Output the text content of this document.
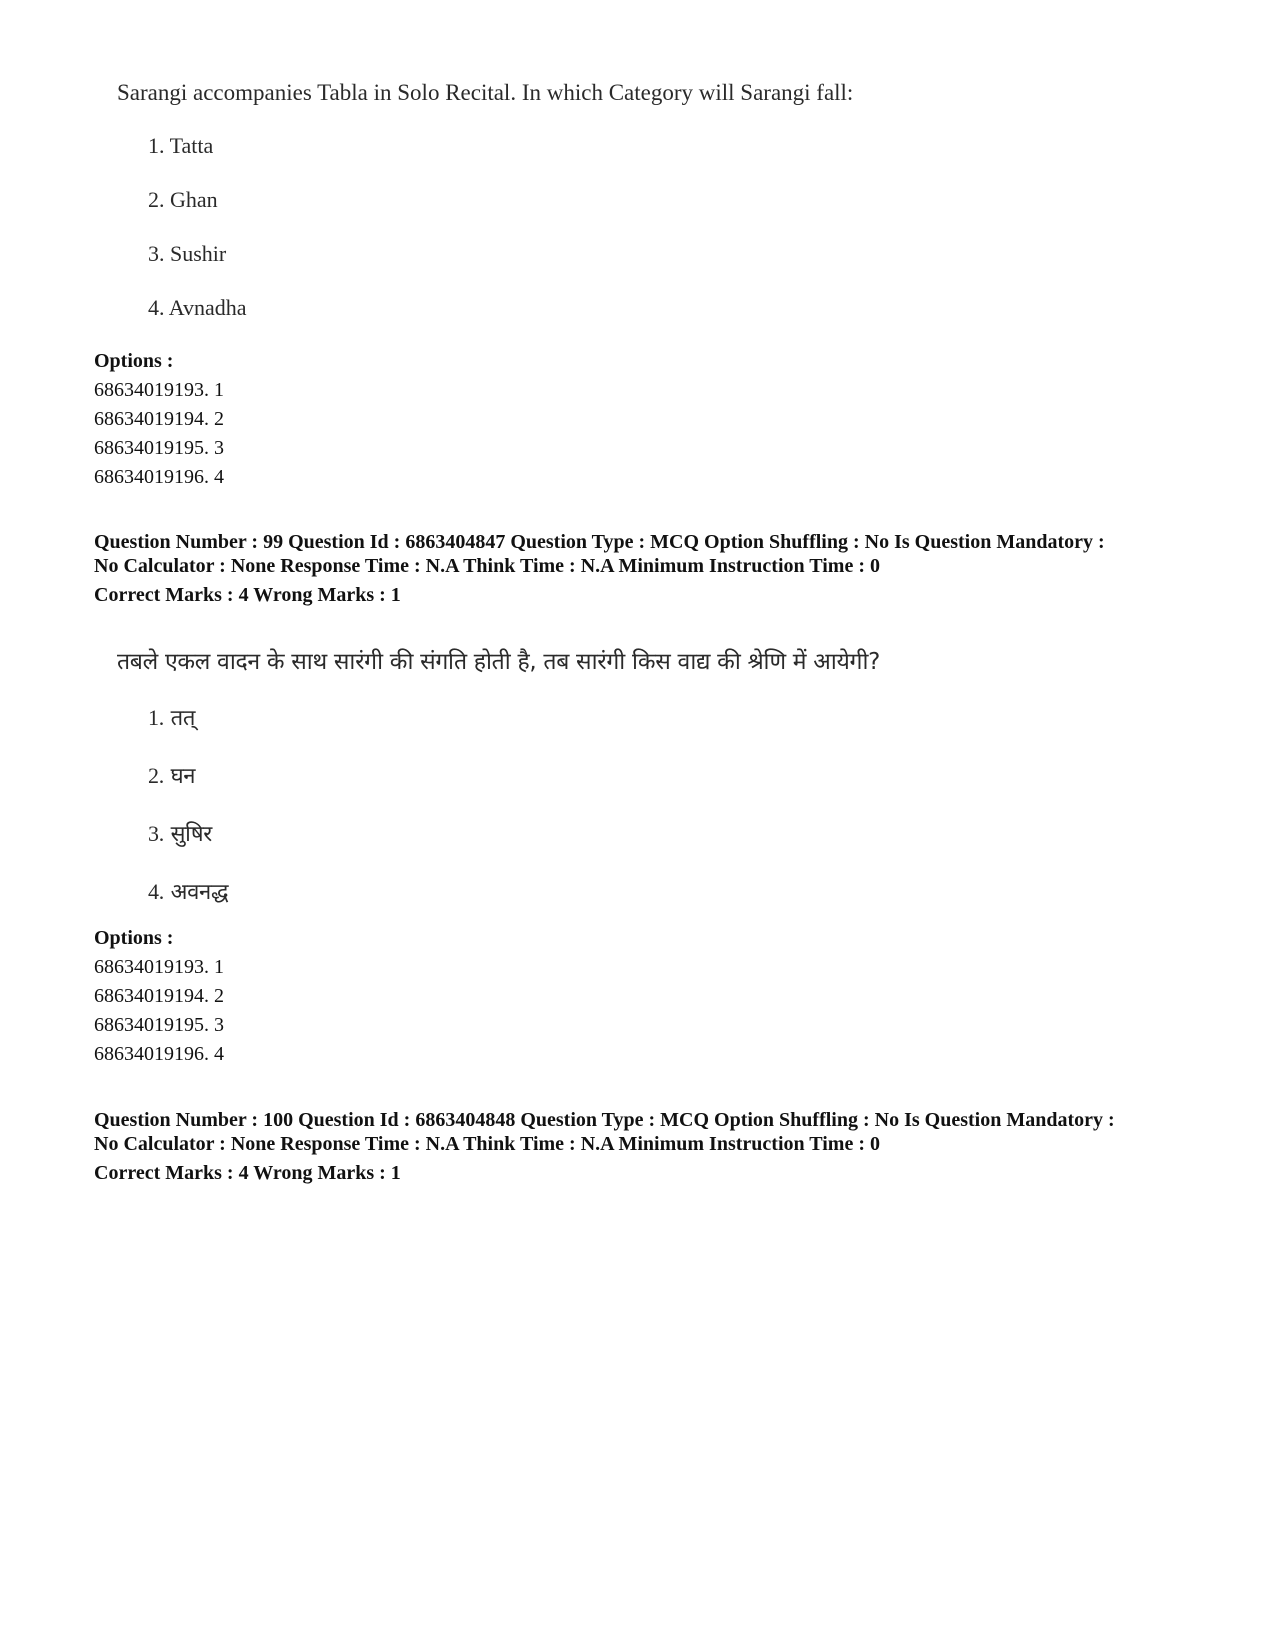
Sarangi accompanies Tabla in Solo Recital. In which Category will Sarangi fall:
1. Tatta
2. Ghan
3. Sushir
4. Avnadha
Options :
68634019193. 1
68634019194. 2
68634019195. 3
68634019196. 4
Question Number : 99 Question Id : 6863404847 Question Type : MCQ Option Shuffling : No Is Question Mandatory :
No Calculator : None Response Time : N.A Think Time : N.A Minimum Instruction Time : 0
Correct Marks : 4 Wrong Marks : 1
तबले एकल वादन के साथ सारंगी की संगति होती है, तब सारंगी किस वाद्य की श्रेणि में आयेगी?
1. तत्
2. घन
3. सुषिर
4. अवनद्ध
Options :
68634019193. 1
68634019194. 2
68634019195. 3
68634019196. 4
Question Number : 100 Question Id : 6863404848 Question Type : MCQ Option Shuffling : No Is Question Mandatory :
No Calculator : None Response Time : N.A Think Time : N.A Minimum Instruction Time : 0
Correct Marks : 4 Wrong Marks : 1
